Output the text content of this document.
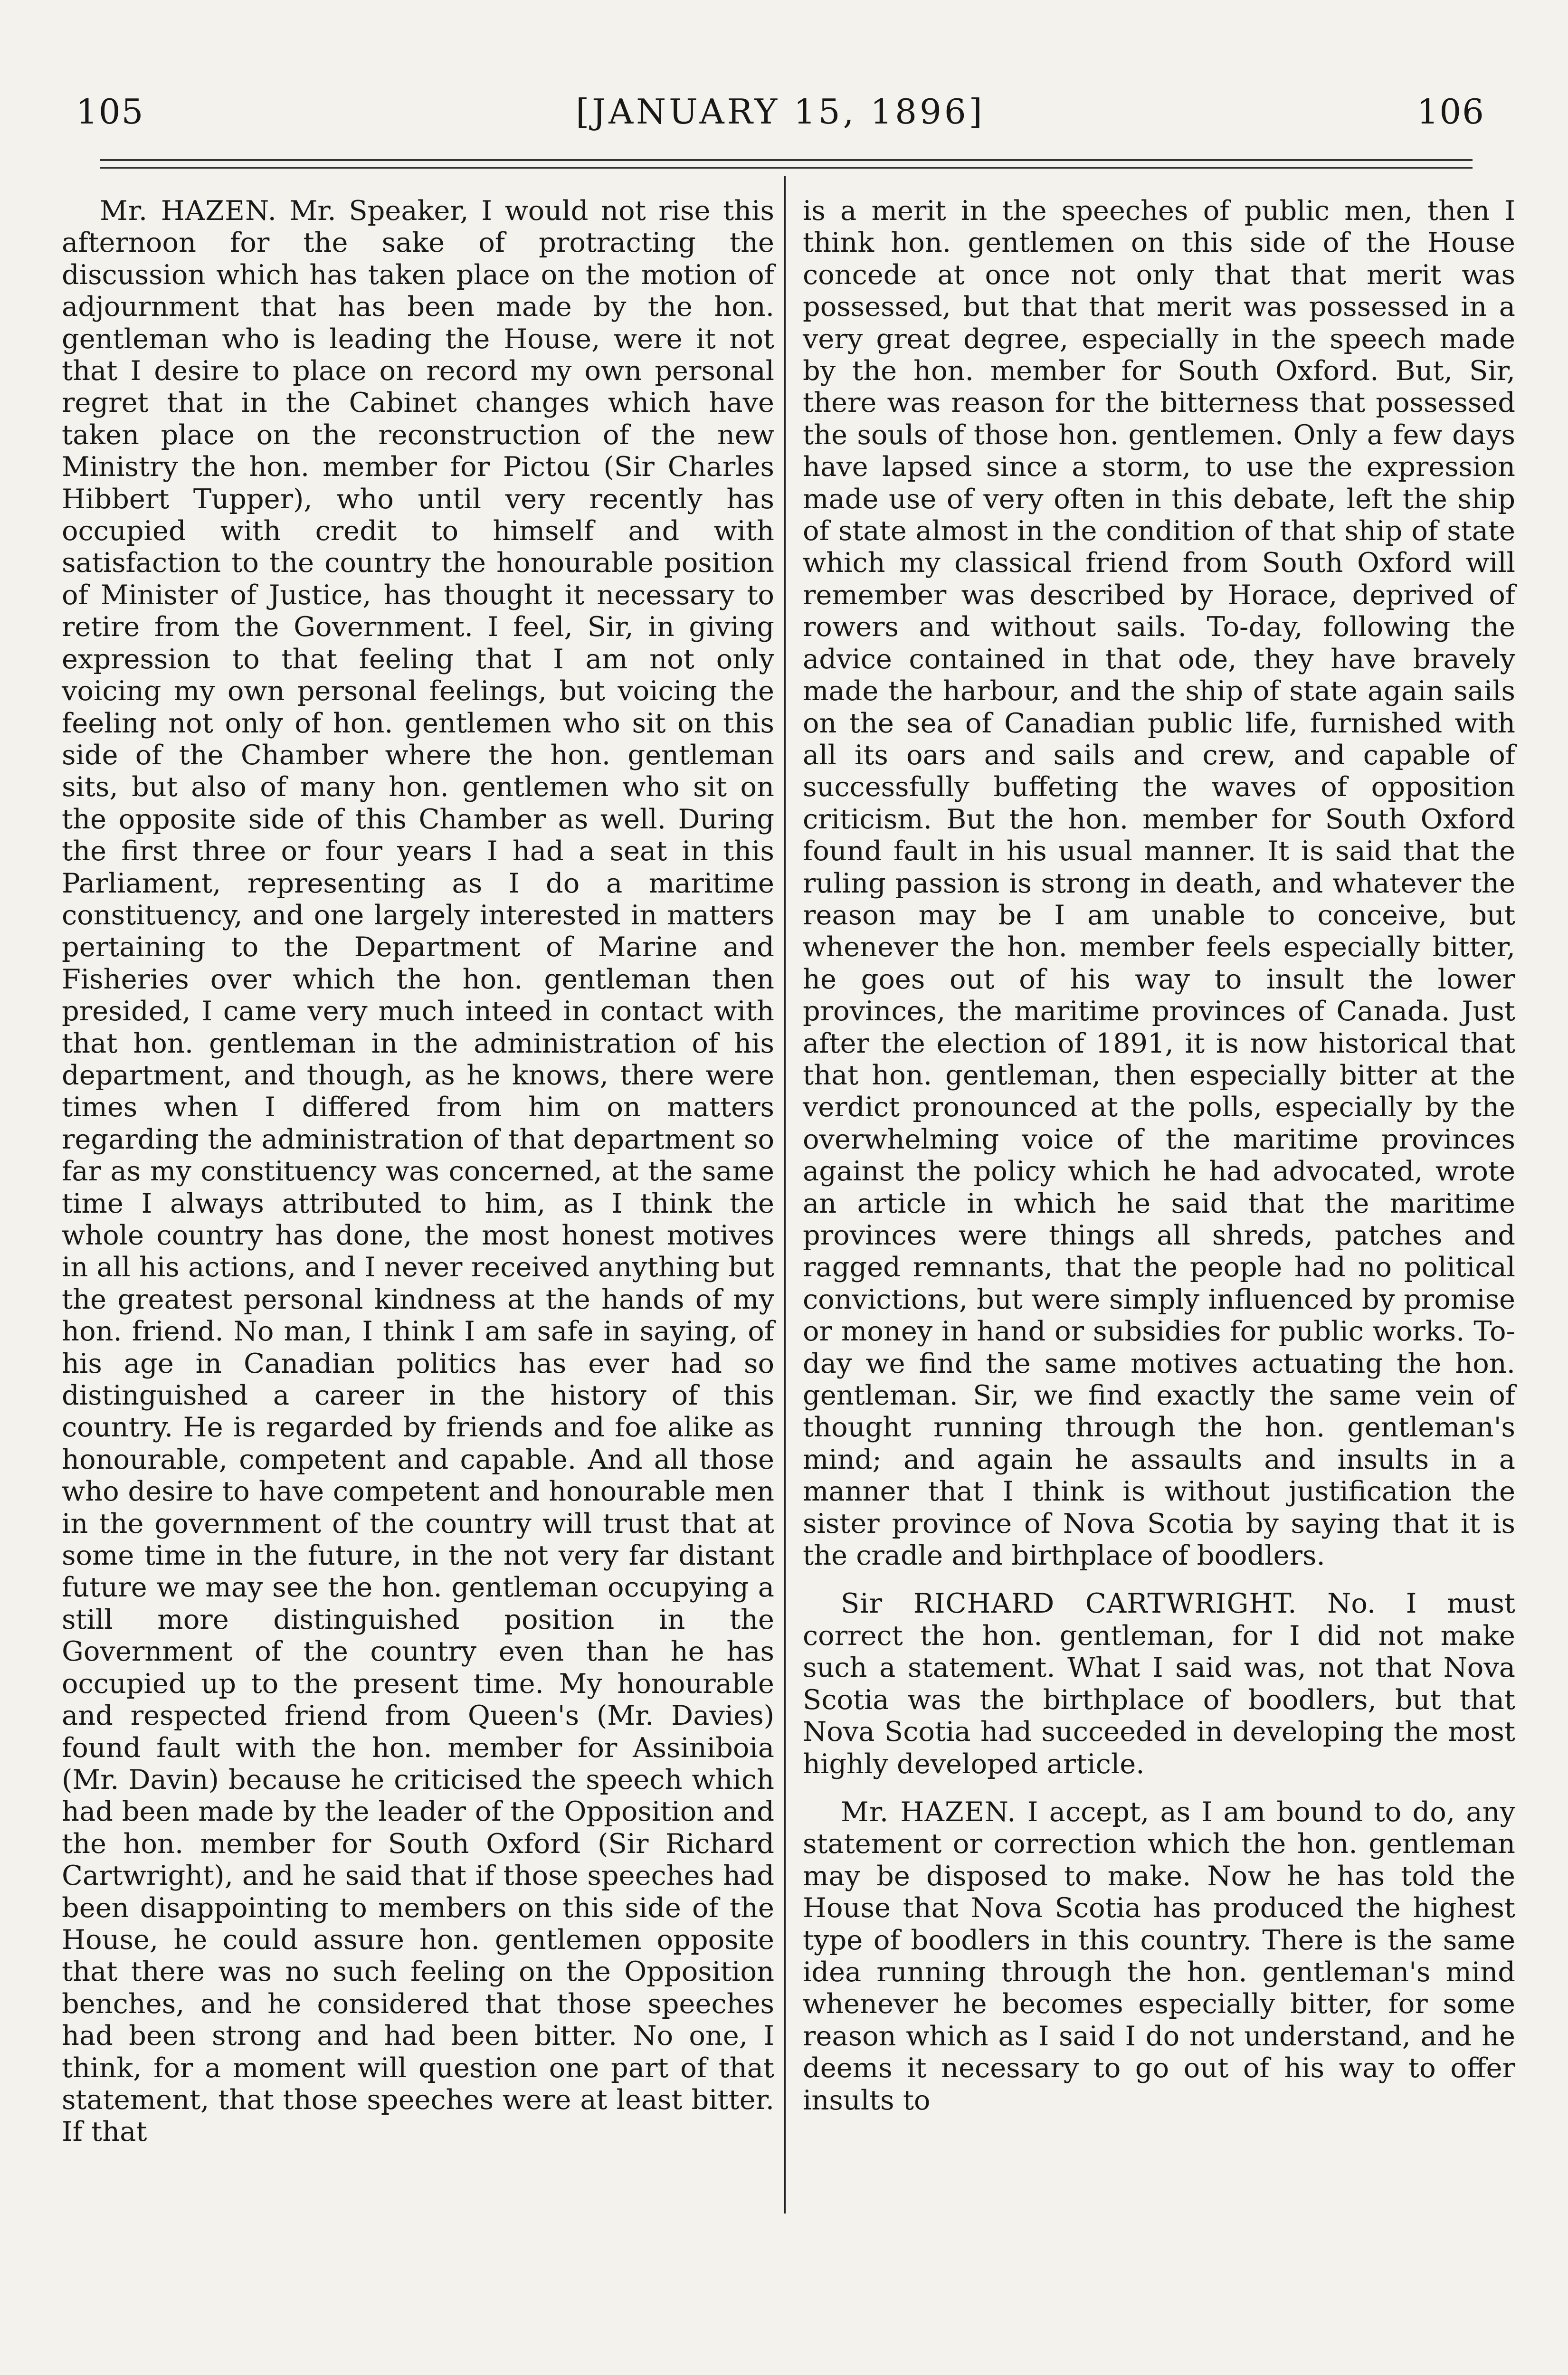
105	[JANUARY 15, 1896]	106

Mr. HAZEN. Mr. Speaker, I would not rise this afternoon for the sake of protracting the discussion which has taken place on the motion of adjournment that has been made by the hon. gentleman who is leading the House, were it not that I desire to place on record my own personal regret that in the Cabinet changes which have taken place on the reconstruction of the new Ministry the hon. member for Pictou (Sir Charles Hibbert Tupper), who until very recently has occupied with credit to himself and with satisfaction to the country the honourable position of Minister of Justice, has thought it necessary to retire from the Government. I feel, Sir, in giving expression to that feeling that I am not only voicing my own personal feelings, but voicing the feeling not only of hon. gentlemen who sit on this side of the Chamber where the hon. gentleman sits, but also of many hon. gentlemen who sit on the opposite side of this Chamber as well. During the first three or four years I had a seat in this Parliament, representing as I do a maritime constituency, and one largely interested in matters pertaining to the Department of Marine and Fisheries over which the hon. gentleman then presided, I came very much inteed in contact with that hon. gentleman in the administration of his department, and though, as he knows, there were times when I differed from him on matters regarding the administration of that department so far as my constituency was concerned, at the same time I always attributed to him, as I think the whole country has done, the most honest motives in all his actions, and I never received anything but the greatest personal kindness at the hands of my hon. friend. No man, I think I am safe in saying, of his age in Canadian politics has ever had so distinguished a career in the history of this country. He is regarded by friends and foe alike as honourable, competent and capable. And all those who desire to have competent and honourable men in the government of the country will trust that at some time in the future, in the not very far distant future we may see the hon. gentleman occupying a still more distinguished position in the Government of the country even than he has occupied up to the present time. My honourable and respected friend from Queen's (Mr. Davies) found fault with the hon. member for Assiniboia (Mr. Davin) because he criticised the speech which had been made by the leader of the Opposition and the hon. member for South Oxford (Sir Richard Cartwright), and he said that if those speeches had been disappointing to members on this side of the House, he could assure hon. gentlemen opposite that there was no such feeling on the Opposition benches, and he considered that those speeches had been strong and had been bitter. No one, I think, for a moment will question one part of that statement, that those speeches were at least bitter. If that

is a merit in the speeches of public men, then I think hon. gentlemen on this side of the House concede at once not only that that merit was possessed, but that that merit was possessed in a very great degree, especially in the speech made by the hon. member for South Oxford. But, Sir, there was reason for the bitterness that possessed the souls of those hon. gentlemen. Only a few days have lapsed since a storm, to use the expression made use of very often in this debate, left the ship of state almost in the condition of that ship of state which my classical friend from South Oxford will remember was described by Horace, deprived of rowers and without sails. To-day, following the advice contained in that ode, they have bravely made the harbour, and the ship of state again sails on the sea of Canadian public life, furnished with all its oars and sails and crew, and capable of successfully buffeting the waves of opposition criticism. But the hon. member for South Oxford found fault in his usual manner. It is said that the ruling passion is strong in death, and whatever the reason may be I am unable to conceive, but whenever the hon. member feels especially bitter, he goes out of his way to insult the lower provinces, the maritime provinces of Canada. Just after the election of 1891, it is now historical that that hon. gentleman, then especially bitter at the verdict pronounced at the polls, especially by the overwhelming voice of the maritime provinces against the policy which he had advocated, wrote an article in which he said that the maritime provinces were things all shreds, patches and ragged remnants, that the people had no political convictions, but were simply influenced by promise or money in hand or subsidies for public works. To-day we find the same motives actuating the hon. gentleman. Sir, we find exactly the same vein of thought running through the hon. gentleman's mind; and again he assaults and insults in a manner that I think is without justification the sister province of Nova Scotia by saying that it is the cradle and birthplace of boodlers.

Sir RICHARD CARTWRIGHT. No. I must correct the hon. gentleman, for I did not make such a statement. What I said was, not that Nova Scotia was the birthplace of boodlers, but that Nova Scotia had succeeded in developing the most highly developed article.

Mr. HAZEN. I accept, as I am bound to do, any statement or correction which the hon. gentleman may be disposed to make. Now he has told the House that Nova Scotia has produced the highest type of boodlers in this country. There is the same idea running through the hon. gentleman's mind whenever he becomes especially bitter, for some reason which as I said I do not understand, and he deems it necessary to go out of his way to offer insults to
